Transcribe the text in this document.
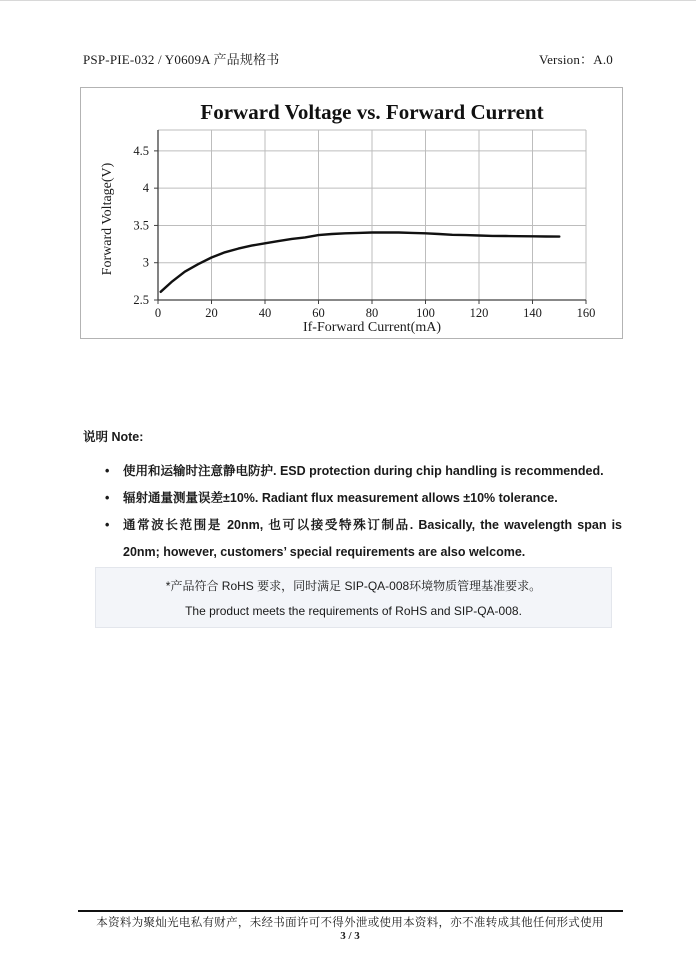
PSP-PIE-032 / Y0609A 产品规格书	Version：A.0
0	20	40	60	80	100	120	140	160
2.5
3
3.5
4
4.5
Forward Voltage vs. Forward Current
If-Forward Current(mA)
Forward Voltage(V)
说明 Note:
•
使用和运输时注意静电防护. ESD protection during chip handling is recommended.
•
辐射通量测量误差±10%. Radiant flux measurement allows ±10% tolerance.
•
通常波长范围是 20nm, 也可以接受特殊订制品. Basically, the wavelength span is 20nm; however, customers’ special requirements are also welcome.
*产品符合 RoHS 要求，同时满足 SIP-QA-008环境物质管理基准要求。
The product meets the requirements of RoHS and SIP-QA-008.
本资料为聚灿光电私有财产，未经书面许可不得外泄或使用本资料，亦不准转成其他任何形式使用
3 / 3
